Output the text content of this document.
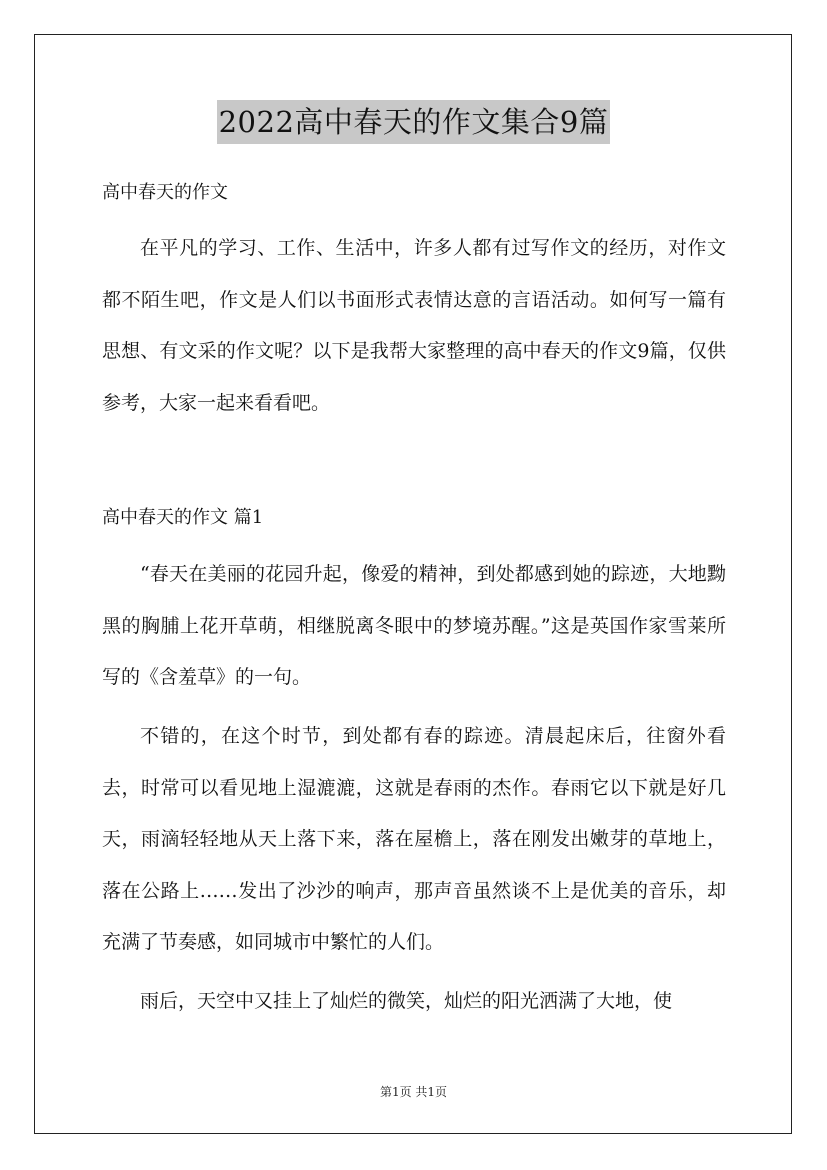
2022高中春天的作文集合9篇
高中春天的作文

在平凡的学习、工作、生活中，许多人都有过写作文的经历，对作文都不陌生吧，作文是人们以书面形式表情达意的言语活动。如何写一篇有思想、有文采的作文呢？以下是我帮大家整理的高中春天的作文9篇，仅供参考，大家一起来看看吧。

高中春天的作文 篇1

“春天在美丽的花园升起，像爱的精神，到处都感到她的踪迹，大地黝黑的胸脯上花开草萌，相继脱离冬眼中的梦境苏醒。”这是英国作家雪莱所写的《含羞草》的一句。

不错的，在这个时节，到处都有春的踪迹。清晨起床后，往窗外看去，时常可以看见地上湿漉漉，这就是春雨的杰作。春雨它以下就是好几天，雨滴轻轻地从天上落下来，落在屋檐上，落在刚发出嫩芽的草地上，落在公路上……发出了沙沙的响声，那声音虽然谈不上是优美的音乐，却充满了节奏感，如同城市中繁忙的人们。

雨后，天空中又挂上了灿烂的微笑，灿烂的阳光洒满了大地，使

第1页 共1页
